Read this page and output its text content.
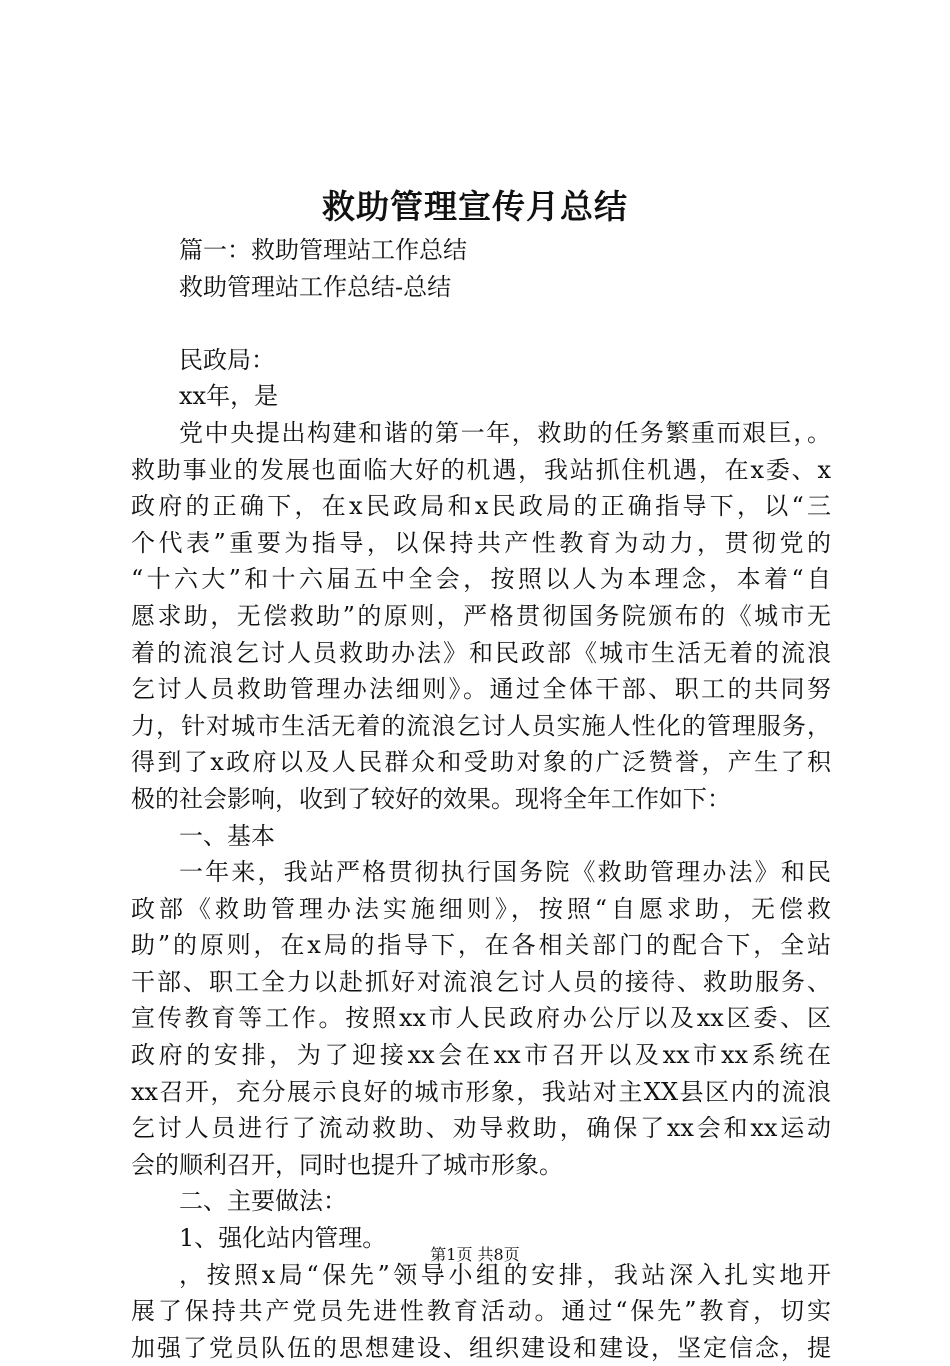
救助管理宣传月总结
篇一：救助管理站工作总结
救助管理站工作总结-总结
民政局：
xx年，是
党中央提出构建和谐的第一年，救助的任务繁重而艰巨，。
救助事业的发展也面临大好的机遇，我站抓住机遇，在x委、x
政府的正确下，在x民政局和x民政局的正确指导下，以“三
个代表”重要为指导，以保持共产性教育为动力，贯彻党的
“十六大”和十六届五中全会，按照以人为本理念，本着“自
愿求助，无偿救助”的原则，严格贯彻国务院颁布的《城市无
着的流浪乞讨人员救助办法》和民政部《城市生活无着的流浪
乞讨人员救助管理办法细则》。通过全体干部、职工的共同努
力，针对城市生活无着的流浪乞讨人员实施人性化的管理服务，
得到了x政府以及人民群众和受助对象的广泛赞誉，产生了积
极的社会影响，收到了较好的效果。现将全年工作如下：
一、基本
一年来，我站严格贯彻执行国务院《救助管理办法》和民
政部《救助管理办法实施细则》，按照“自愿求助，无偿救
助”的原则，在x局的指导下，在各相关部门的配合下，全站
干部、职工全力以赴抓好对流浪乞讨人员的接待、救助服务、
宣传教育等工作。按照xx市人民政府办公厅以及xx区委、区
政府的安排，为了迎接xx会在xx市召开以及xx市xx系统在
xx召开，充分展示良好的城市形象，我站对主XX县区内的流浪
乞讨人员进行了流动救助、劝导救助，确保了xx会和xx运动
会的顺利召开，同时也提升了城市形象。
二、主要做法：
1、强化站内管理。
，按照x局“保先”领导小组的安排，我站深入扎实地开
展了保持共产党员先进性教育活动。通过“保先”教育，切实
加强了党员队伍的思想建设、组织建设和建设，坚定信念，提
第1页 共8页
